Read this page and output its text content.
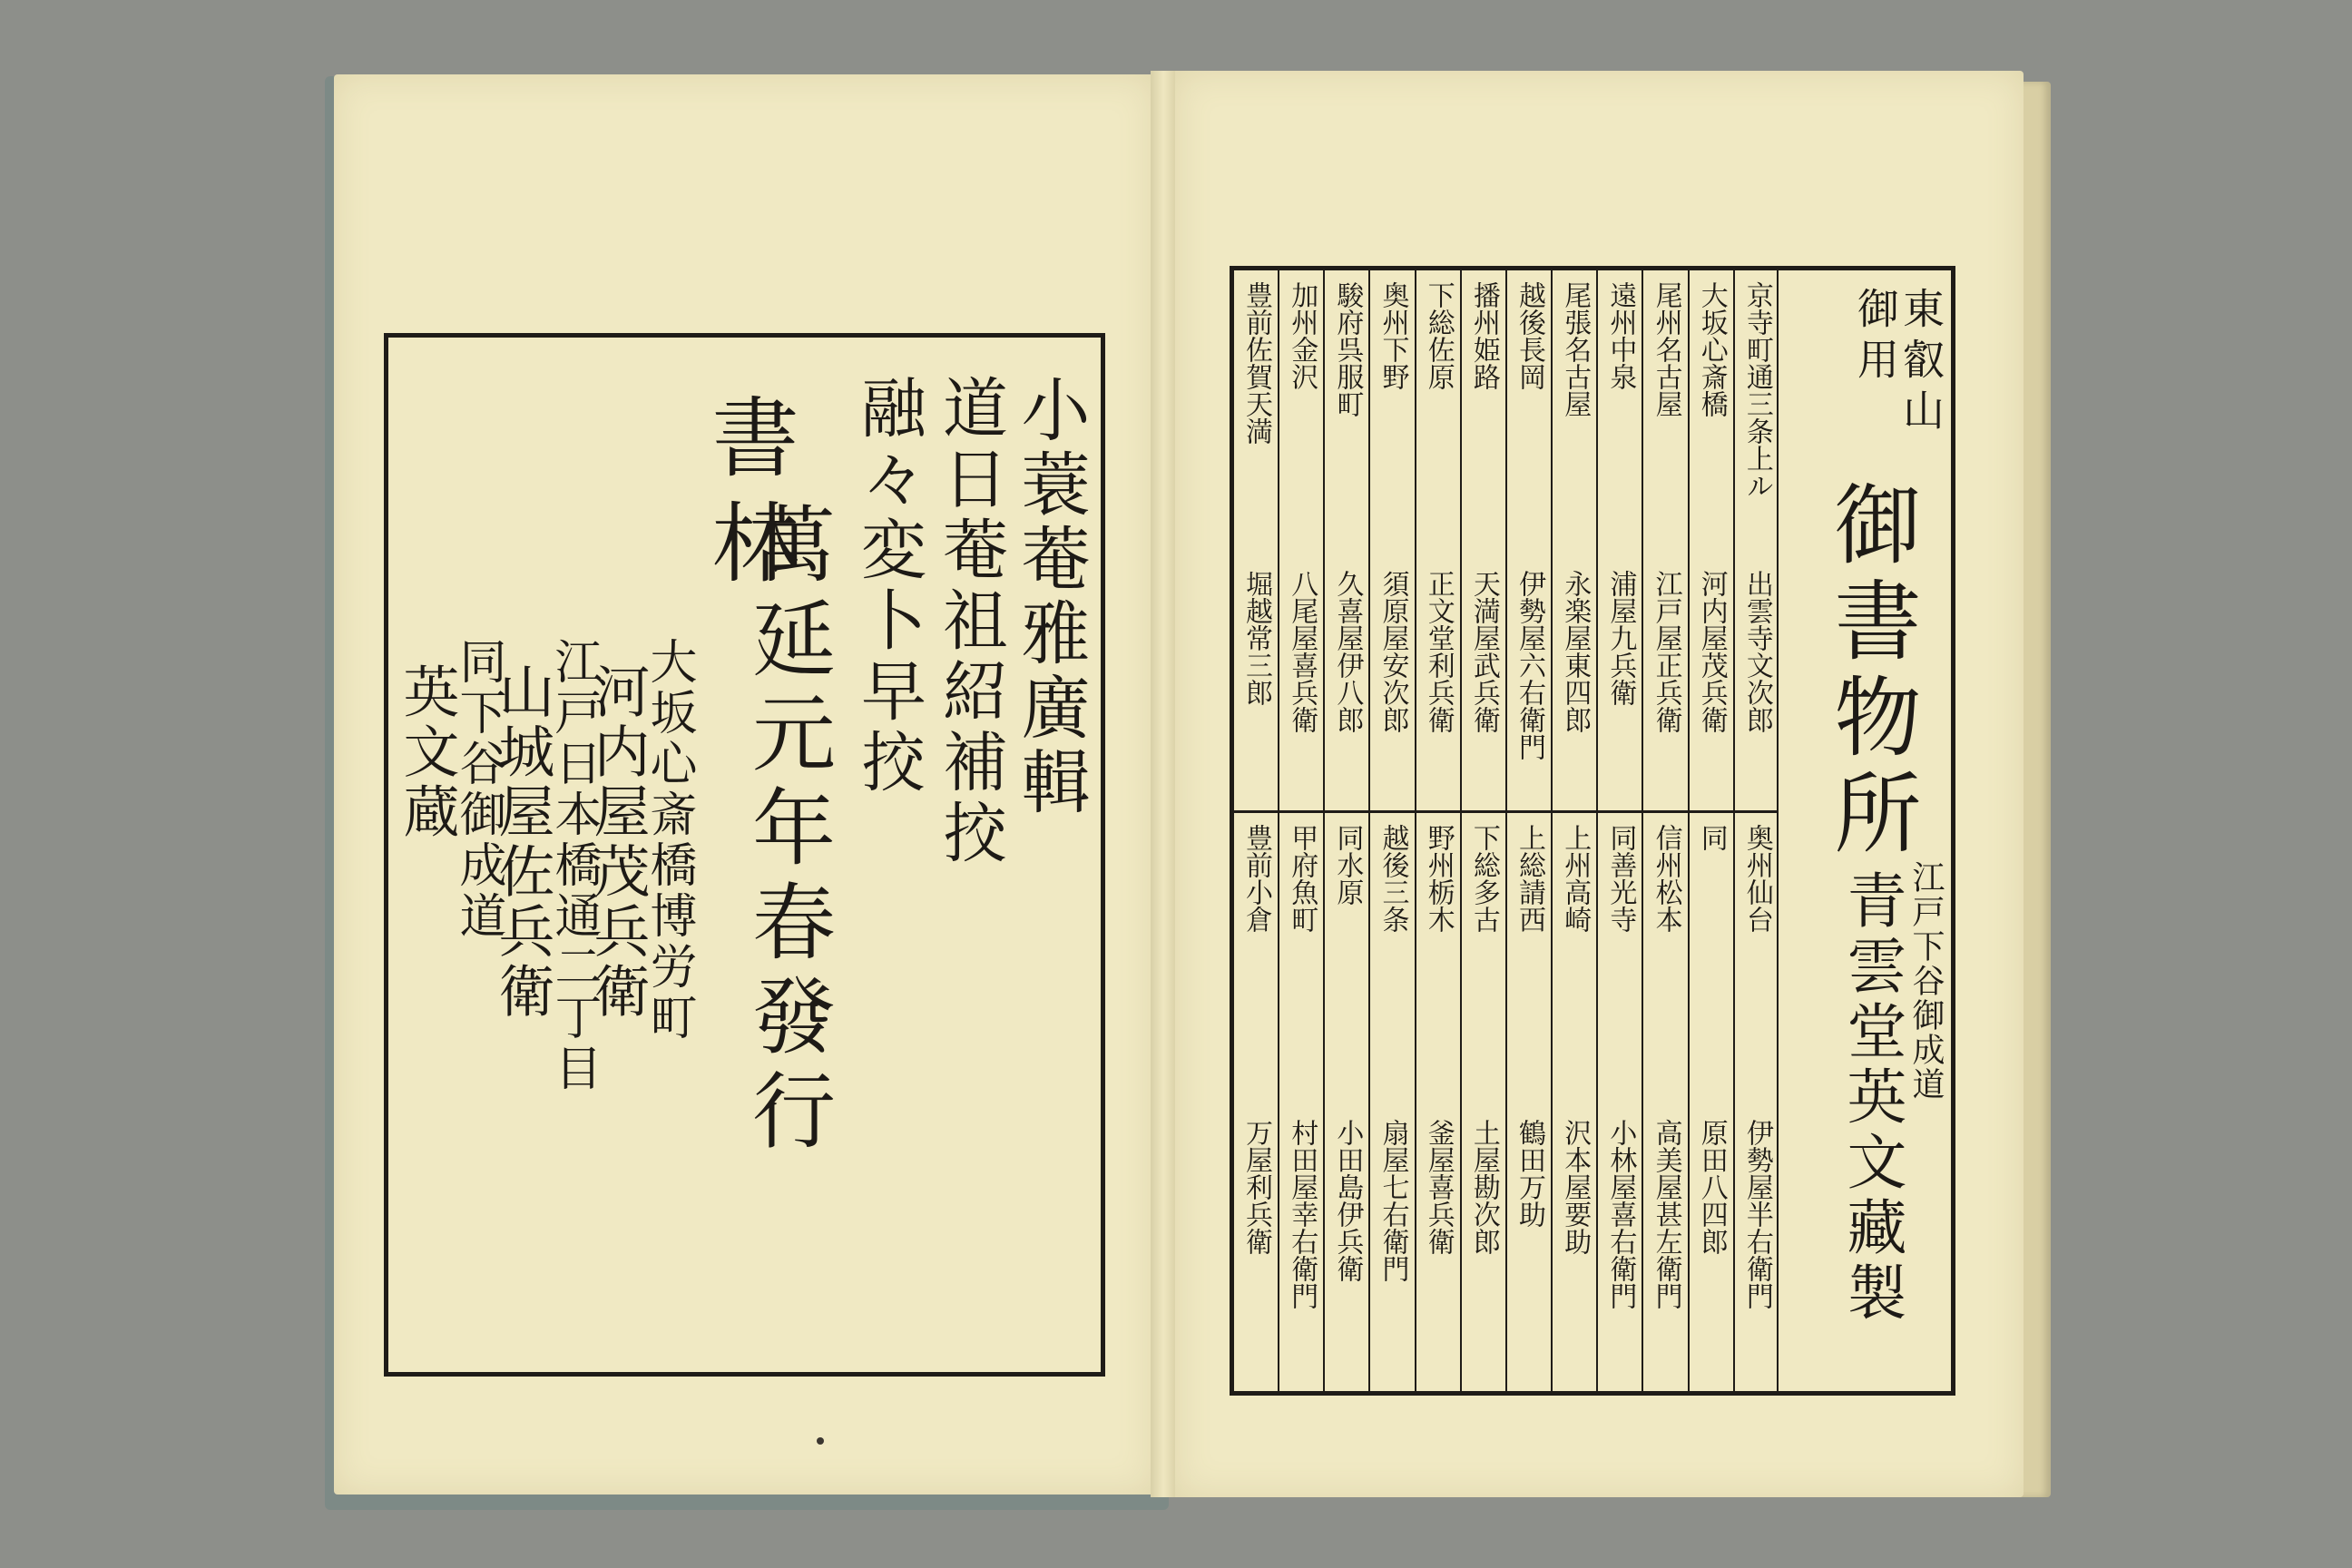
小蓑菴雅廣輯
道日菴祖紹補挍
融々変卜早挍
萬延元年春發行
書林
大坂心斎橋博労町
河内屋茂兵衛
江戸日本橋通二丁目
山城屋佐兵衛
同下谷御成道
英文蔵
東叡山
御用
御書物所
江戸下谷御成道
青雲堂英文藏製
京寺町通三条上ル
出雲寺文次郎
奥州仙台
伊勢屋半右衛門
大坂心斎橋
河内屋茂兵衛
同
原田八四郎
尾州名古屋
江戸屋正兵衛
信州松本
高美屋甚左衛門
遠州中泉
浦屋九兵衛
同善光寺
小林屋喜右衛門
尾張名古屋
永楽屋東四郎
上州高崎
沢本屋要助
越後長岡
伊勢屋六右衛門
上総請西
鶴田万助
播州姫路
天満屋武兵衛
下総多古
土屋勘次郎
下総佐原
正文堂利兵衛
野州栃木
釜屋喜兵衛
奥州下野
須原屋安次郎
越後三条
扇屋七右衛門
駿府呉服町
久喜屋伊八郎
同水原
小田島伊兵衛
加州金沢
八尾屋喜兵衛
甲府魚町
村田屋幸右衛門
豊前佐賀天満
堀越常三郎
豊前小倉
万屋利兵衛
